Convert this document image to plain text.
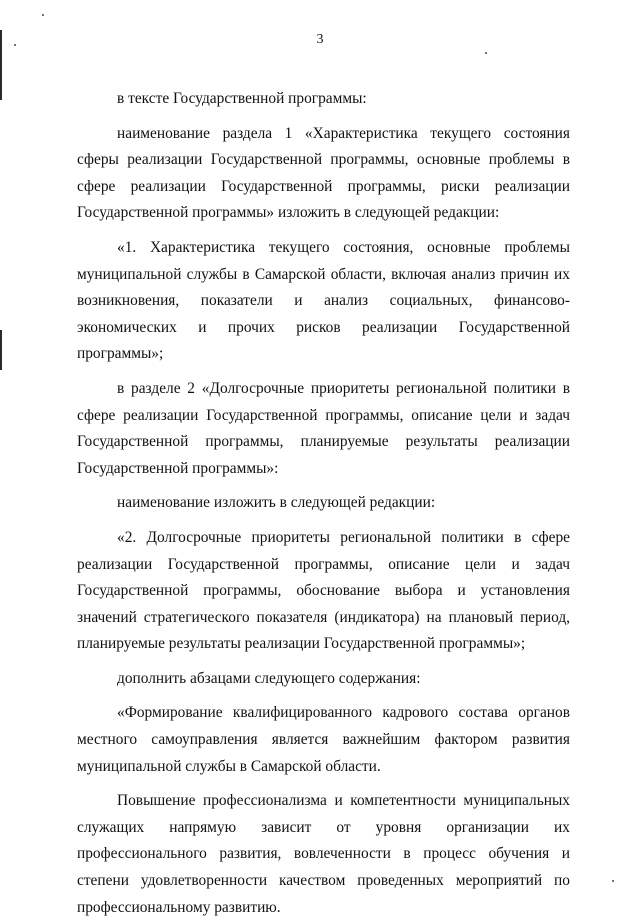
3

в тексте Государственной программы:

наименование раздела 1 «Характеристика текущего состояния сферы реализации Государственной программы, основные проблемы в сфере реализации Государственной программы, риски реализации Государственной программы» изложить в следующей редакции:

«1. Характеристика текущего состояния, основные проблемы муниципальной службы в Самарской области, включая анализ причин их возникновения, показатели и анализ социальных, финансово-экономических и прочих рисков реализации Государственной программы»;

в разделе 2 «Долгосрочные приоритеты региональной политики в сфере реализации Государственной программы, описание цели и задач Государственной программы, планируемые результаты реализации Государственной программы»:

наименование изложить в следующей редакции:

«2. Долгосрочные приоритеты региональной политики в сфере реализации Государственной программы, описание цели и задач Государственной программы, обоснование выбора и установления значений стратегического показателя (индикатора) на плановый период, планируемые результаты реализации Государственной программы»;

дополнить абзацами следующего содержания:

«Формирование квалифицированного кадрового состава органов местного самоуправления является важнейшим фактором развития муниципальной службы в Самарской области.

Повышение профессионализма и компетентности муниципальных служащих напрямую зависит от уровня организации их профессионального развития, вовлеченности в процесс обучения и степени удовлетворенности качеством проведенных мероприятий по профессиональному развитию.
